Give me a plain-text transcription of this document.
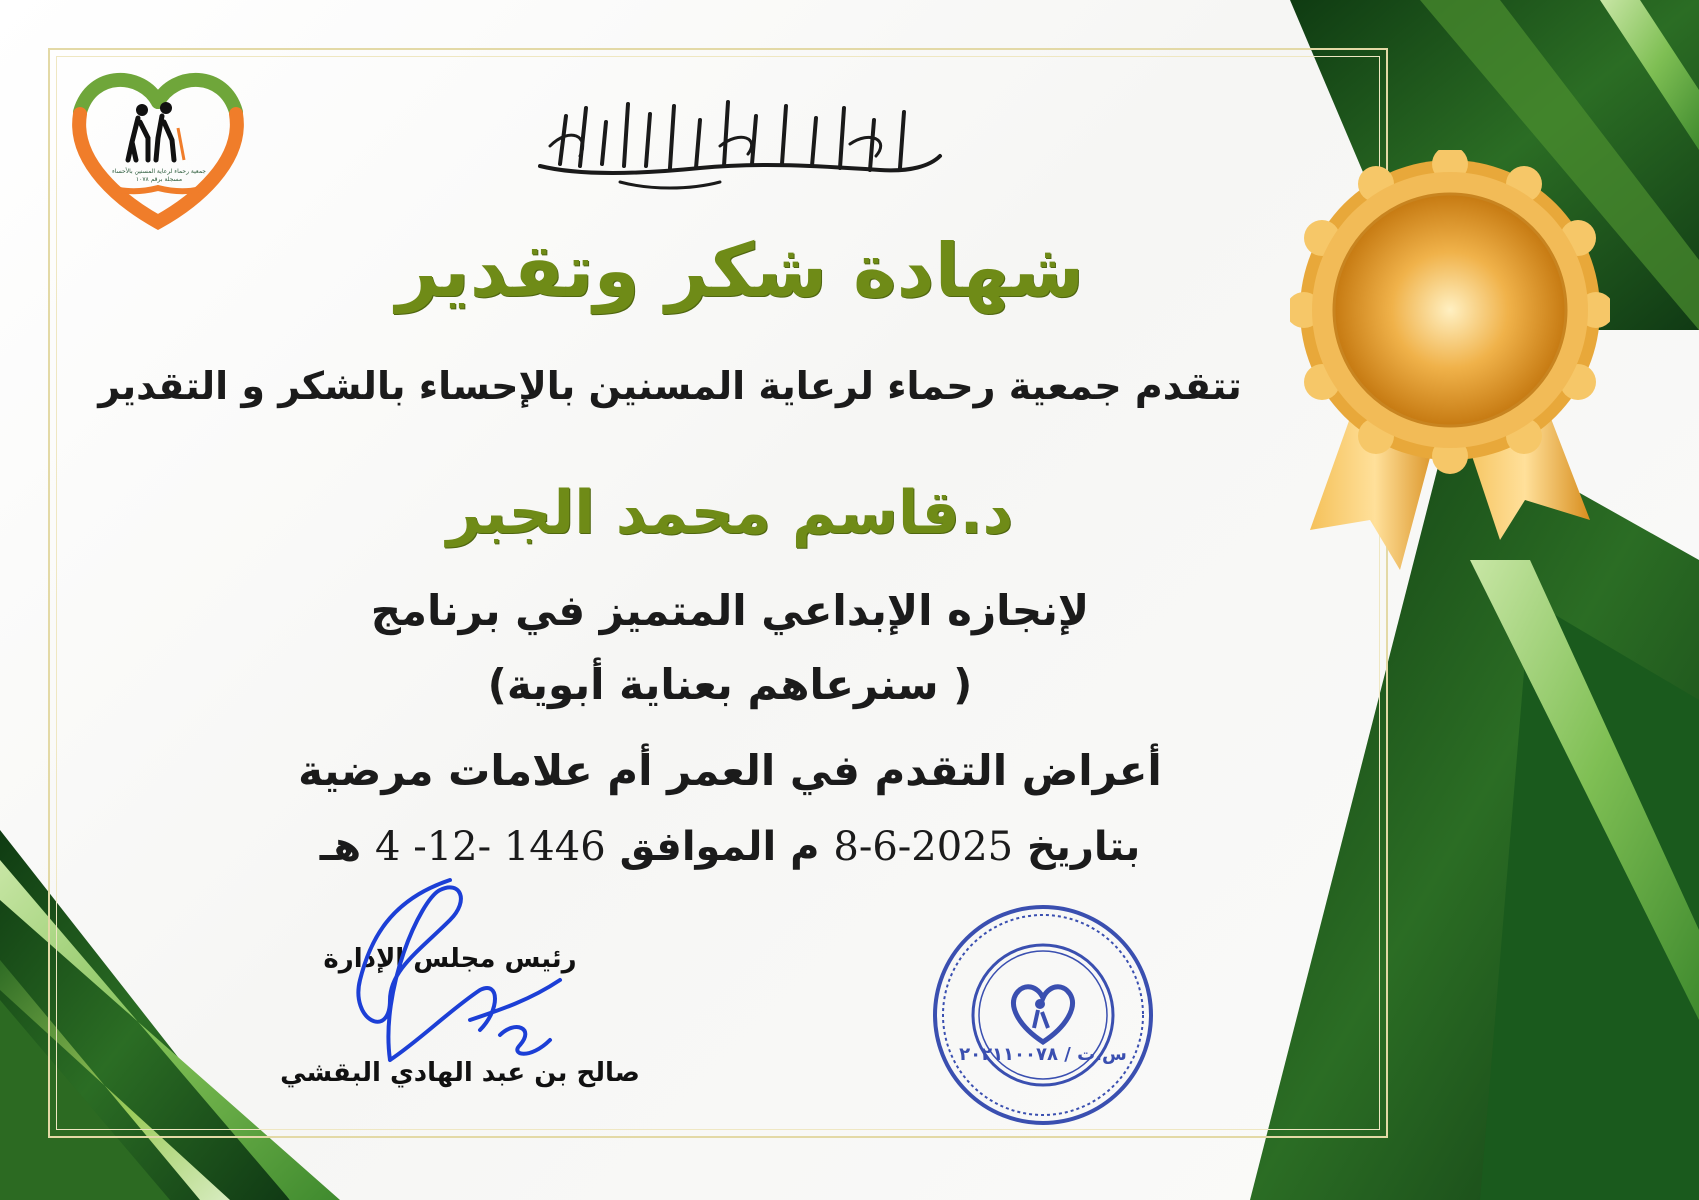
جمعية رحماء لرعاية المسنين بالأحساء
مسجلة برقم ١٠٧٨
شهادة شكر وتقدير
تتقدم جمعية رحماء لرعاية المسنين بالإحساء بالشكر و التقدير
د.قاسم محمد الجبر
لإنجازه الإبداعي المتميز في برنامج
( سنرعاهم بعناية أبوية)
أعراض التقدم في العمر أم علامات مرضية
بتاريخ 8-6-2025 م الموافق 4 -12- 1446 هـ
رئيس مجلس الإدارة
صالح بن عبد الهادي البقشي
س.ت / ٢٠٢١١٠٠٧٨
